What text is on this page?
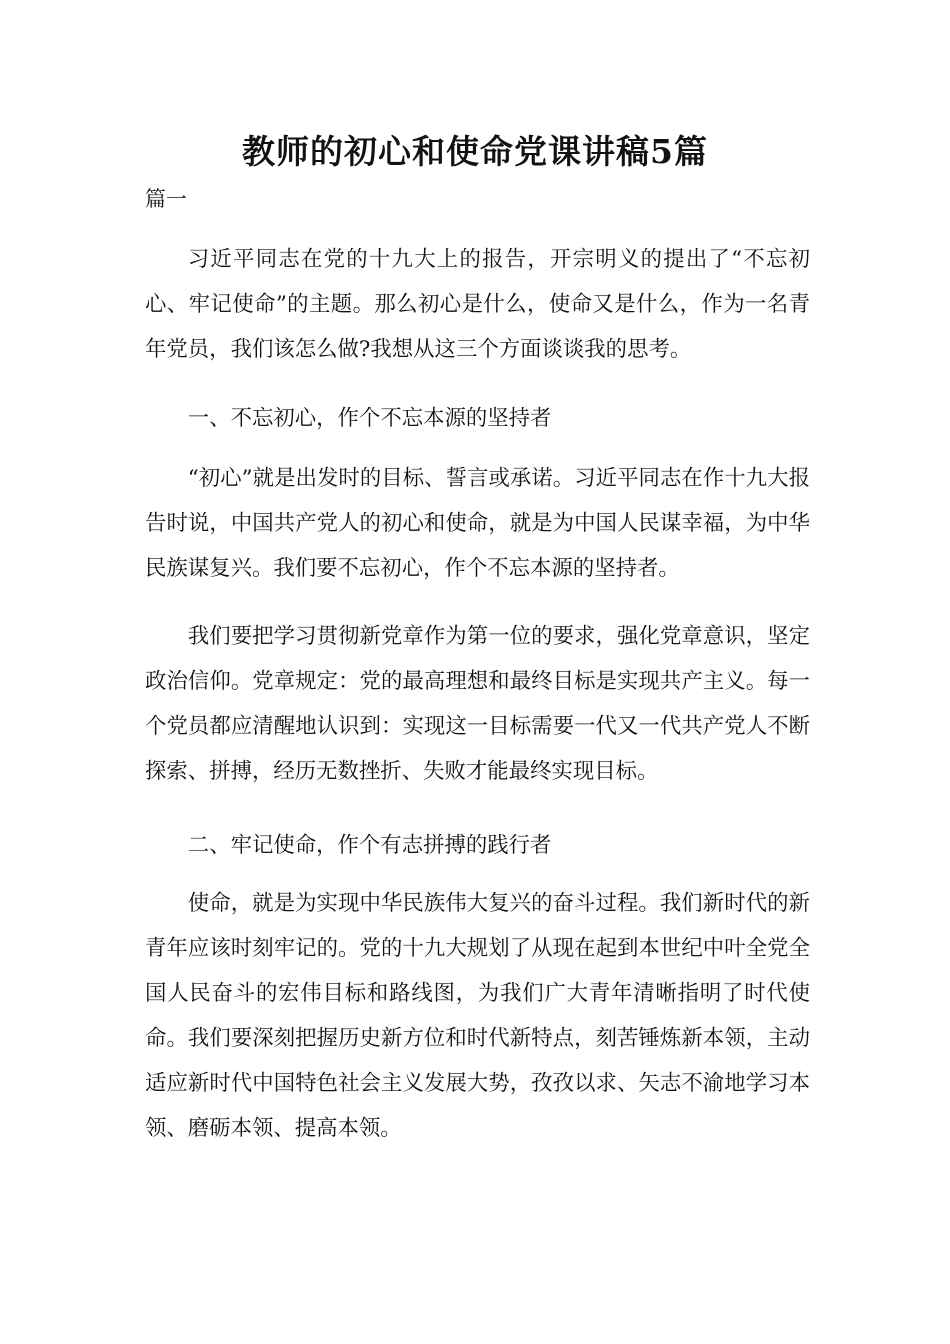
教师的初心和使命党课讲稿5篇

篇一

习近平同志在党的十九大上的报告，开宗明义的提出了“不忘初心、牢记使命”的主题。那么初心是什么，使命又是什么，作为一名青年党员，我们该怎么做?我想从这三个方面谈谈我的思考。

一、不忘初心，作个不忘本源的坚持者

“初心”就是出发时的目标、誓言或承诺。习近平同志在作十九大报告时说，中国共产党人的初心和使命，就是为中国人民谋幸福，为中华民族谋复兴。我们要不忘初心，作个不忘本源的坚持者。

我们要把学习贯彻新党章作为第一位的要求，强化党章意识，坚定政治信仰。党章规定：党的最高理想和最终目标是实现共产主义。每一个党员都应清醒地认识到：实现这一目标需要一代又一代共产党人不断探索、拼搏，经历无数挫折、失败才能最终实现目标。

二、牢记使命，作个有志拼搏的践行者

使命，就是为实现中华民族伟大复兴的奋斗过程。我们新时代的新青年应该时刻牢记的。党的十九大规划了从现在起到本世纪中叶全党全国人民奋斗的宏伟目标和路线图，为我们广大青年清晰指明了时代使命。我们要深刻把握历史新方位和时代新特点，刻苦锤炼新本领，主动适应新时代中国特色社会主义发展大势，孜孜以求、矢志不渝地学习本领、磨砺本领、提高本领。
